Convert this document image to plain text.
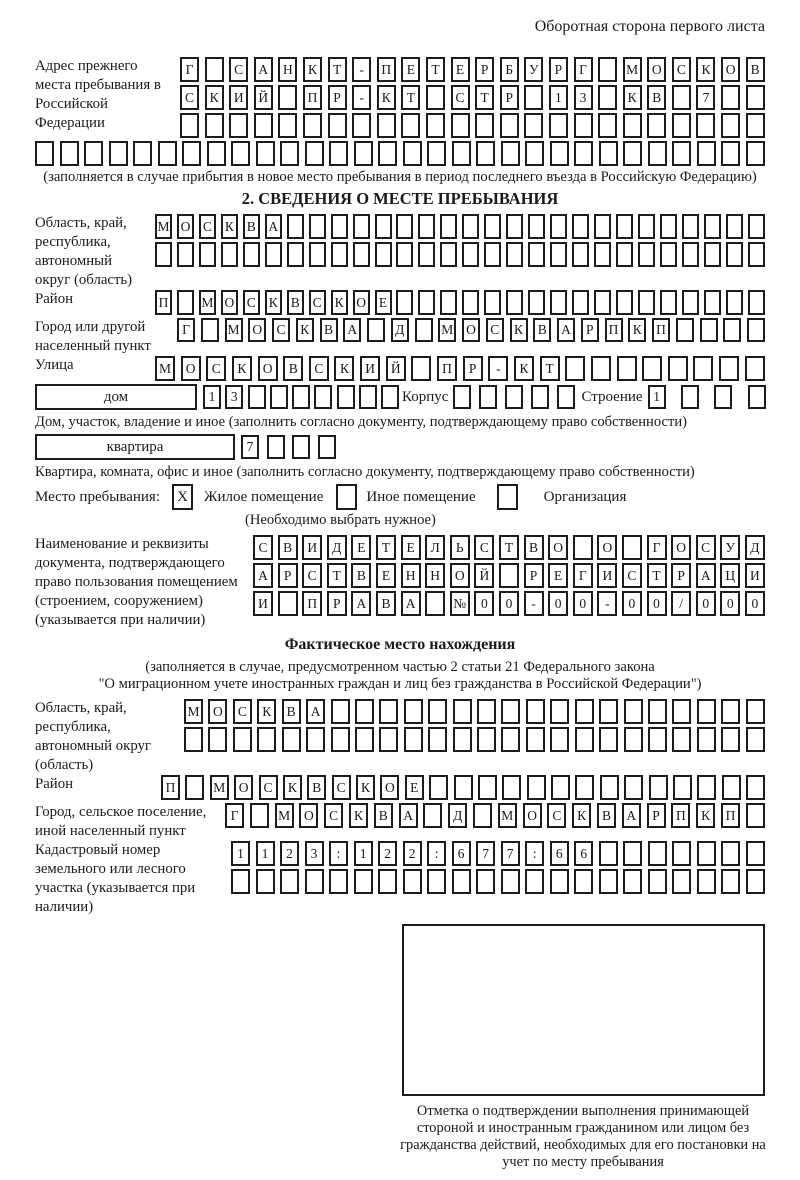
Оборотная сторона первого листа
Адрес прежнего места пребывания в Российской Федерации
Г	С	А	Н	К	Т	-	П	Е	Т	Е	Р	Б	У	Р	Г	М	О	С	К	О	В
С	К	И	Й	П	Р	-	К	Т	С	Т	Р	1	3	К	В	7
(заполняется в случае прибытия в новое место пребывания в период последнего въезда в Российскую Федерацию)
2. СВЕДЕНИЯ О МЕСТЕ ПРЕБЫВАНИЯ
Область, край, республика, автономный округ (область)
М О С К В А
Район	П М О С К В С К О Е
Город или другой населенный пункт
Г	М О	С	К	В	А	Д	М О	С	К	В	А	Р	П	К	П
Улица	М	О	С	К	О	В	С	К	И	Й	П	Р	-	К	Т
дом	1	3	Корпус	Строение 1
Дом, участок, владение и иное (заполнить согласно документу, подтверждающему право собственности)
квартира	7
Квартира, комната, офис и иное (заполнить согласно документу, подтверждающему право собственности)
Место пребывания:	X	Жилое помещение	Иное помещение	Организация
(Необходимо выбрать нужное)
Наименование и реквизиты документа, подтверждающего право пользования помещением (строением, сооружением) (указывается при наличии)
С	В	И	Д	Е	Т	Е	Л	Ь	С	Т	В	О	О	Г	О	С	У	Д
А	Р	С	Т	В	Е	Н	Н	О	Й	Р	Е	Г	И	С	Т	Р	А	Ц	И
И	П	Р	А	В	А	№	0	0	-	0	0	-	0	0	/	0	0	0
Фактическое место нахождения
(заполняется в случае, предусмотренном частью 2 статьи 21 Федерального закона
"О миграционном учете иностранных граждан и лиц без гражданства в Российской Федерации")
Область, край, республика, автономный округ (область)
М	О	С	К	В	А
Район	П	М	О	С	К	В	С	К	О	Е
Город, сельское поселение, иной населенный пункт
Г	М	О	С	К	В	А	Д	М	О	С	К	В	А	Р	П	К	П
Кадастровый номер земельного или лесного участка (указывается при наличии)
1	1	2	3	:	1	2	2	:	6	7	7	:	6	6
Отметка о подтверждении выполнения принимающей стороной и иностранным гражданином или лицом без гражданства действий, необходимых для его постановки на учет по месту пребывания
